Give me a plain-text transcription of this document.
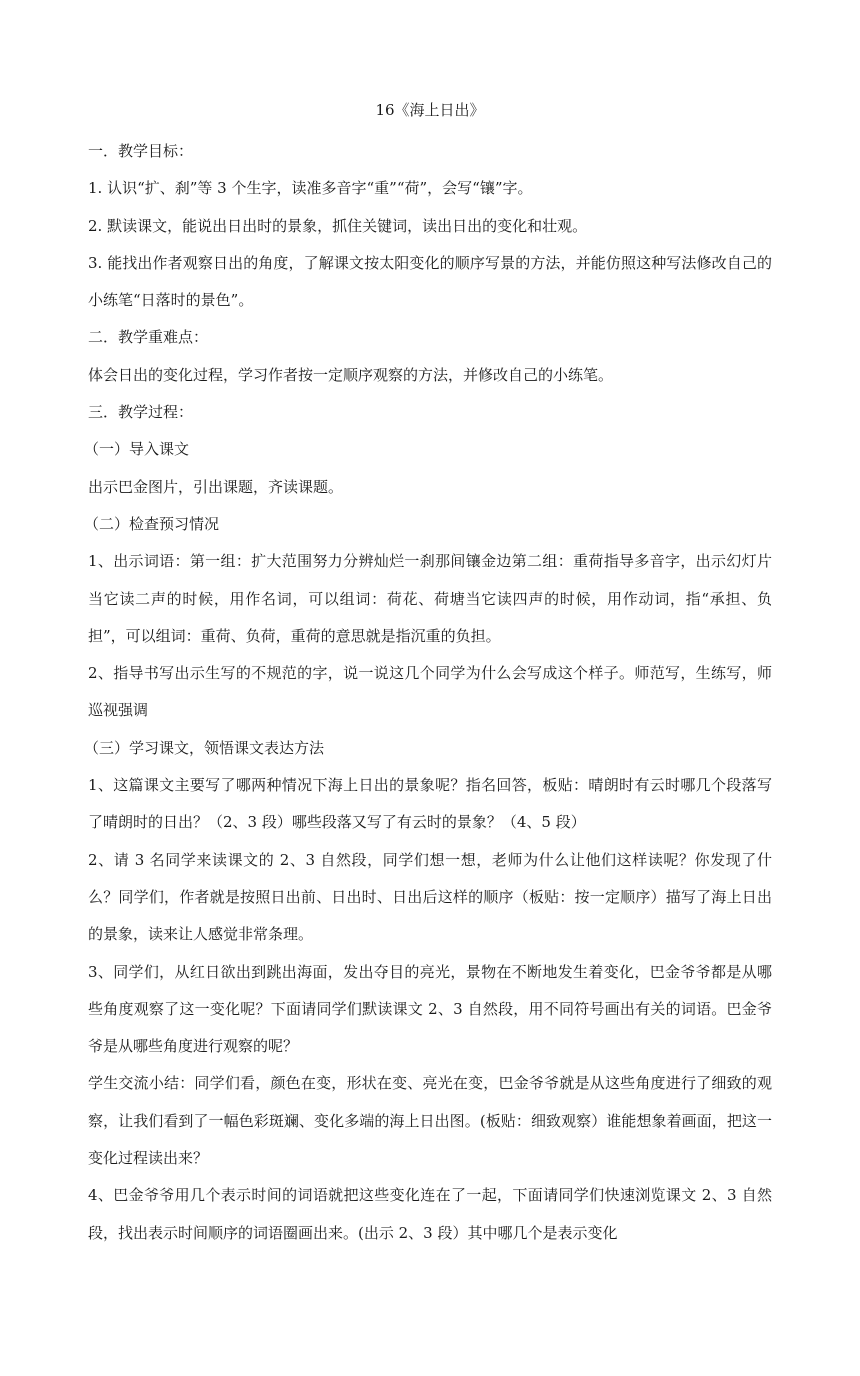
16《海上日出》

一．教学目标：

1. 认识“扩、刹”等 3 个生字，读准多音字“重”“荷”，会写“镶”字。

2. 默读课文，能说出日出时的景象，抓住关键词，读出日出的变化和壮观。

3. 能找出作者观察日出的角度，了解课文按太阳变化的顺序写景的方法，并能仿照这种写法修改自己的小练笔“日落时的景色”。

二．教学重难点：

体会日出的变化过程，学习作者按一定顺序观察的方法，并修改自己的小练笔。

三．教学过程：

（一）导入课文

出示巴金图片，引出课题，齐读课题。

（二）检查预习情况

1、出示词语：第一组：扩大范围努力分辨灿烂一刹那间镶金边第二组：重荷指导多音字，出示幻灯片当它读二声的时候，用作名词，可以组词：荷花、荷塘当它读四声的时候，用作动词，指“承担、负担”，可以组词：重荷、负荷，重荷的意思就是指沉重的负担。

2、指导书写出示生写的不规范的字，说一说这几个同学为什么会写成这个样子。师范写，生练写，师巡视强调

（三）学习课文，领悟课文表达方法

1、这篇课文主要写了哪两种情况下海上日出的景象呢？指名回答，板贴：晴朗时有云时哪几个段落写了晴朗时的日出？（2、3 段）哪些段落又写了有云时的景象？（4、5 段）

2、请 3 名同学来读课文的 2、3 自然段，同学们想一想，老师为什么让他们这样读呢？你发现了什么？同学们，作者就是按照日出前、日出时、日出后这样的顺序（板贴：按一定顺序）描写了海上日出的景象，读来让人感觉非常条理。

3、同学们，从红日欲出到跳出海面，发出夺目的亮光，景物在不断地发生着变化，巴金爷爷都是从哪些角度观察了这一变化呢？下面请同学们默读课文 2、3 自然段，用不同符号画出有关的词语。巴金爷爷是从哪些角度进行观察的呢？

学生交流小结：同学们看，颜色在变，形状在变、亮光在变，巴金爷爷就是从这些角度进行了细致的观察，让我们看到了一幅色彩斑斓、变化多端的海上日出图。(板贴：细致观察）谁能想象着画面，把这一变化过程读出来？

4、巴金爷爷用几个表示时间的词语就把这些变化连在了一起，下面请同学们快速浏览课文 2、3 自然段，找出表示时间顺序的词语圈画出来。(出示 2、3 段）其中哪几个是表示变化
